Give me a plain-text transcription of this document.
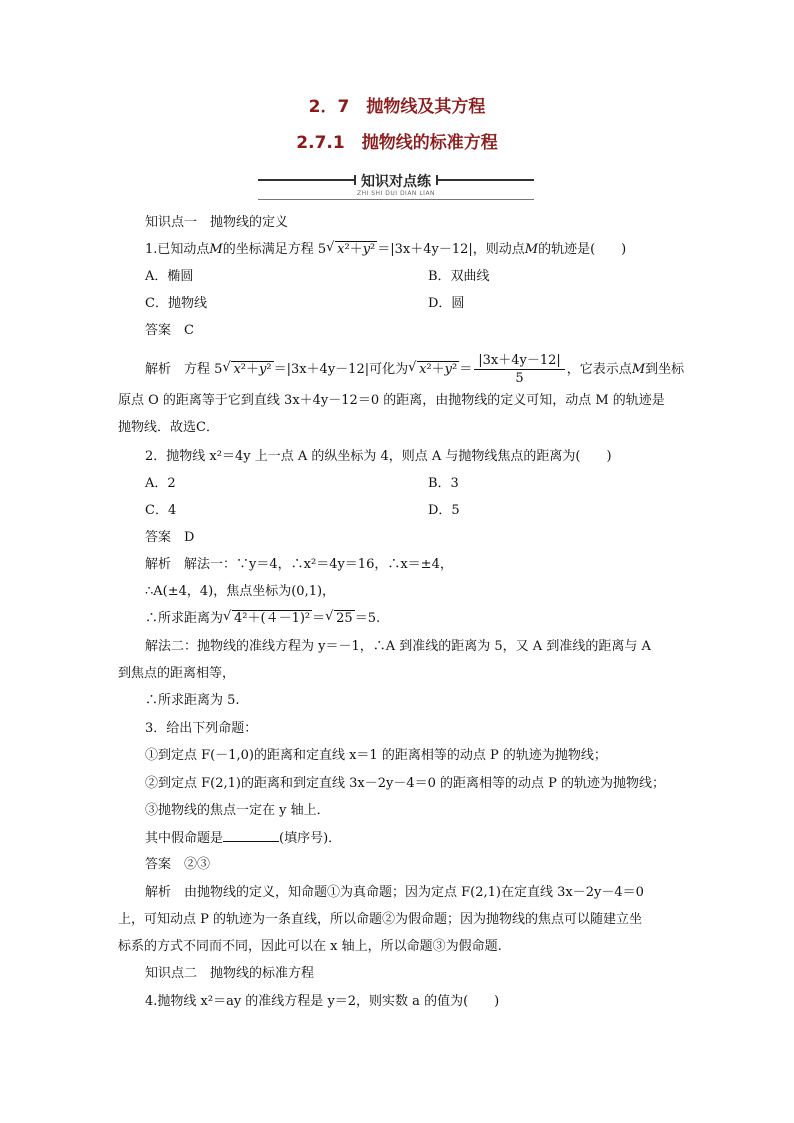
2．7　抛物线及其方程
2.7.1　抛物线的标准方程
知识对点练
ZHI SHI DUI DIAN LIAN
知识点一　抛物线的定义
1.已知动点M的坐标满足方程 5 √ x²＋y² ＝|3x＋4y－12|，则动点M的轨迹是(　　)
A．椭圆	B．双曲线
C．抛物线	D．圆
答案　 C
解析　 方程 5 √ x²＋y² ＝|3x＋4y－12|可化为 √ $x^2+y^2 = \frac{|3x+4y-12|}{5}$ ，它表示点M到坐标
原点 O 的距离等于它到直线 3x＋4y－12＝0 的距离，由抛物线的定义可知，动点 M 的轨迹是
抛物线．故选C．
2．抛物线 x²＝4y 上一点 A 的纵坐标为 4，则点 A 与抛物线焦点的距离为(　　)
A．2	B．3
C．4	D．5
答案　 D
解析　 解法一：∵y＝4，∴x²＝4y＝16，∴x＝±4，
∴A(±4，4)，焦点坐标为(0,1)，
∴所求距离为 √ 4²＋(４－1)² ＝ √ 25 ＝5.
解法二：抛物线的准线方程为 y＝－1，∴A 到准线的距离为 5，又 A 到准线的距离与 A
到焦点的距离相等，
∴所求距离为 5.
3．给出下列命题：
①到定点 F(－1,0)的距离和定直线 x＝1 的距离相等的动点 P 的轨迹为抛物线；
②到定点 F(2,1)的距离和到定直线 3x－2y－4＝0 的距离相等的动点 P 的轨迹为抛物线；
③抛物线的焦点一定在 y 轴上．
其中假命题是	(填序号)．
答案　 ②③
解析　 由抛物线的定义，知命题①为真命题；因为定点 F(2,1)在定直线 3x－2y－4＝0
上，可知动点 P 的轨迹为一条直线，所以命题②为假命题；因为抛物线的焦点可以随建立坐
标系的方式不同而不同，因此可以在 x 轴上，所以命题③为假命题.
知识点二　抛物线的标准方程
4.抛物线 x²＝ay 的准线方程是 y＝2，则实数 a 的值为(　　)
